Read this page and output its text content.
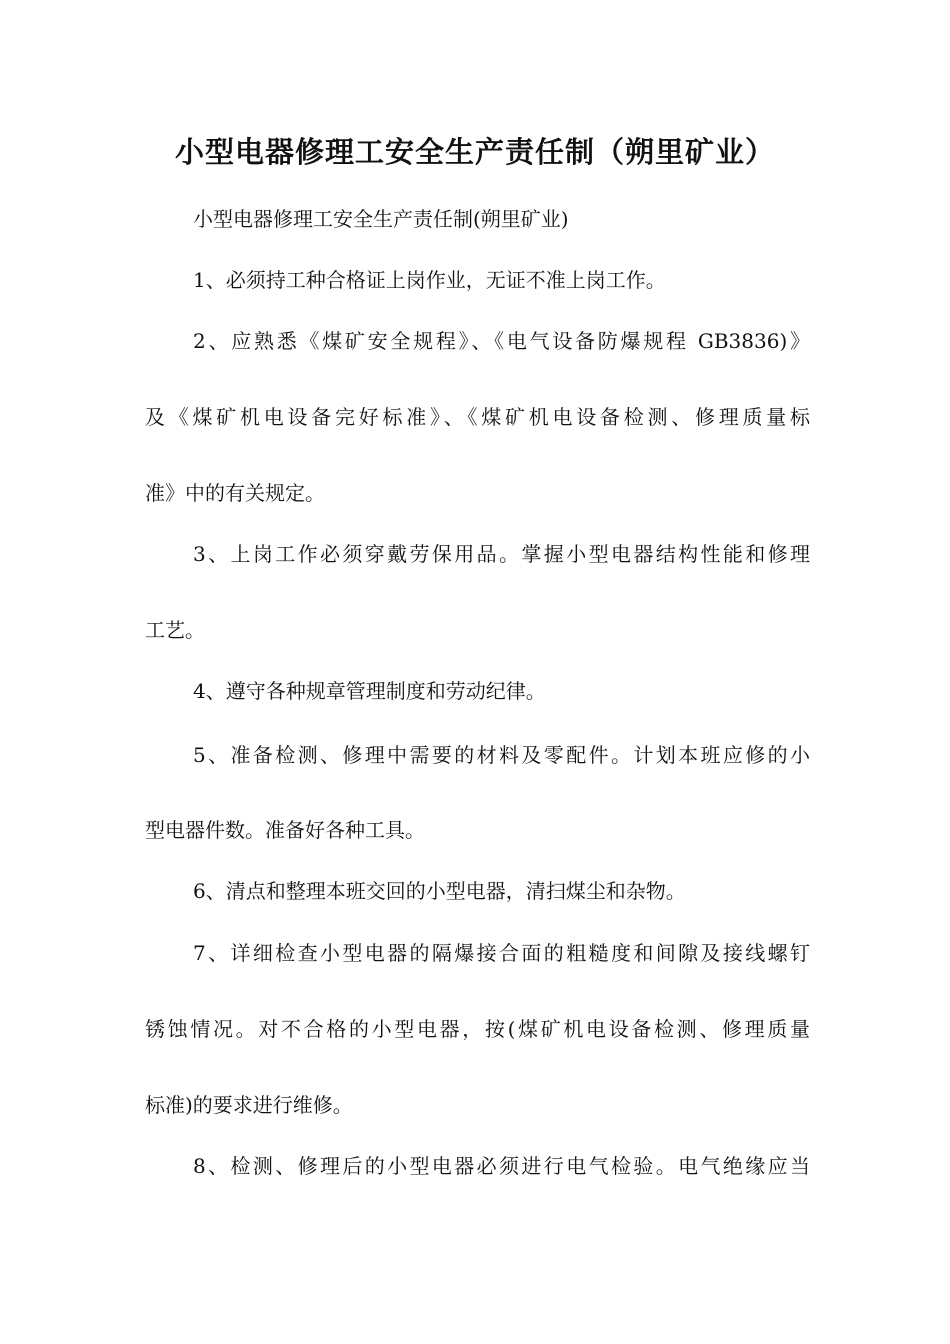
小型电器修理工安全生产责任制（朔里矿业）
小型电器修理工安全生产责任制(朔里矿业)
1、必须持工种合格证上岗作业，无证不准上岗工作。
2、应熟悉《煤矿安全规程》、《电气设备防爆规程 GB3836)》
及《煤矿机电设备完好标准》、《煤矿机电设备检测、修理质量标
准》中的有关规定。
3、上岗工作必须穿戴劳保用品。掌握小型电器结构性能和修理
工艺。
4、遵守各种规章管理制度和劳动纪律。
5、准备检测、修理中需要的材料及零配件。计划本班应修的小
型电器件数。准备好各种工具。
6、清点和整理本班交回的小型电器，清扫煤尘和杂物。
7、详细检查小型电器的隔爆接合面的粗糙度和间隙及接线螺钉
锈蚀情况。对不合格的小型电器，按(煤矿机电设备检测、修理质量
标准)的要求进行维修。
8、检测、修理后的小型电器必须进行电气检验。电气绝缘应当
